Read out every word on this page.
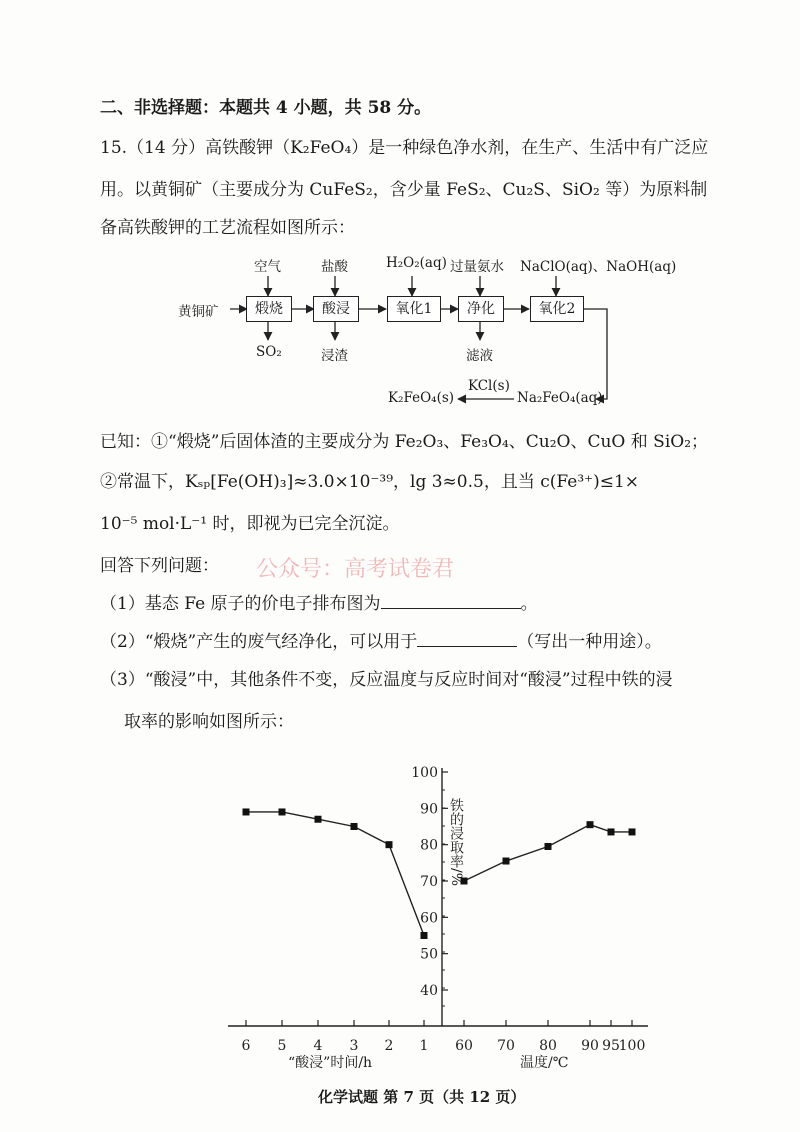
二、非选择题：本题共 4 小题，共 58 分。
15.（14 分）高铁酸钾（K₂FeO₄）是一种绿色净水剂，在生产、生活中有广泛应
用。以黄铜矿（主要成分为 CuFeS₂，含少量 FeS₂、Cu₂S、SiO₂ 等）为原料制
备高铁酸钾的工艺流程如图所示：
黄铜矿	煅烧	酸浸	氧化1	净化	氧化2
空气	盐酸	H₂O₂(aq) 过量氨水 NaClO(aq)、NaOH(aq)
SO₂	浸渣	滤液
Na₂FeO₄(aq)
KCl(s)
K₂FeO₄(s)
已知：①“煅烧”后固体渣的主要成分为 Fe₂O₃、Fe₃O₄、Cu₂O、CuO 和 SiO₂；
②常温下，Kₛₚ[Fe(OH)₃]≈3.0×10⁻³⁹，lg 3≈0.5，且当 c(Fe³⁺)≤1×
10⁻⁵ mol·L⁻¹ 时，即视为已完全沉淀。
回答下列问题： 公众号：高考试卷君
（1）基态 Fe 原子的价电子排布图为	。
（2）“煅烧”产生的废气经净化，可以用于	（写出一种用途）。
（3）“酸浸”中，其他条件不变，反应温度与反应时间对“酸浸”过程中铁的浸
取率的影响如图所示：
100
90
80
70
60
50
40
6 5 4 3 2 1 60 70 80 90 95
100
铁的浸取率/%
“酸浸”时间/h	温度/℃
化学试题 第 7 页（共 12 页）
